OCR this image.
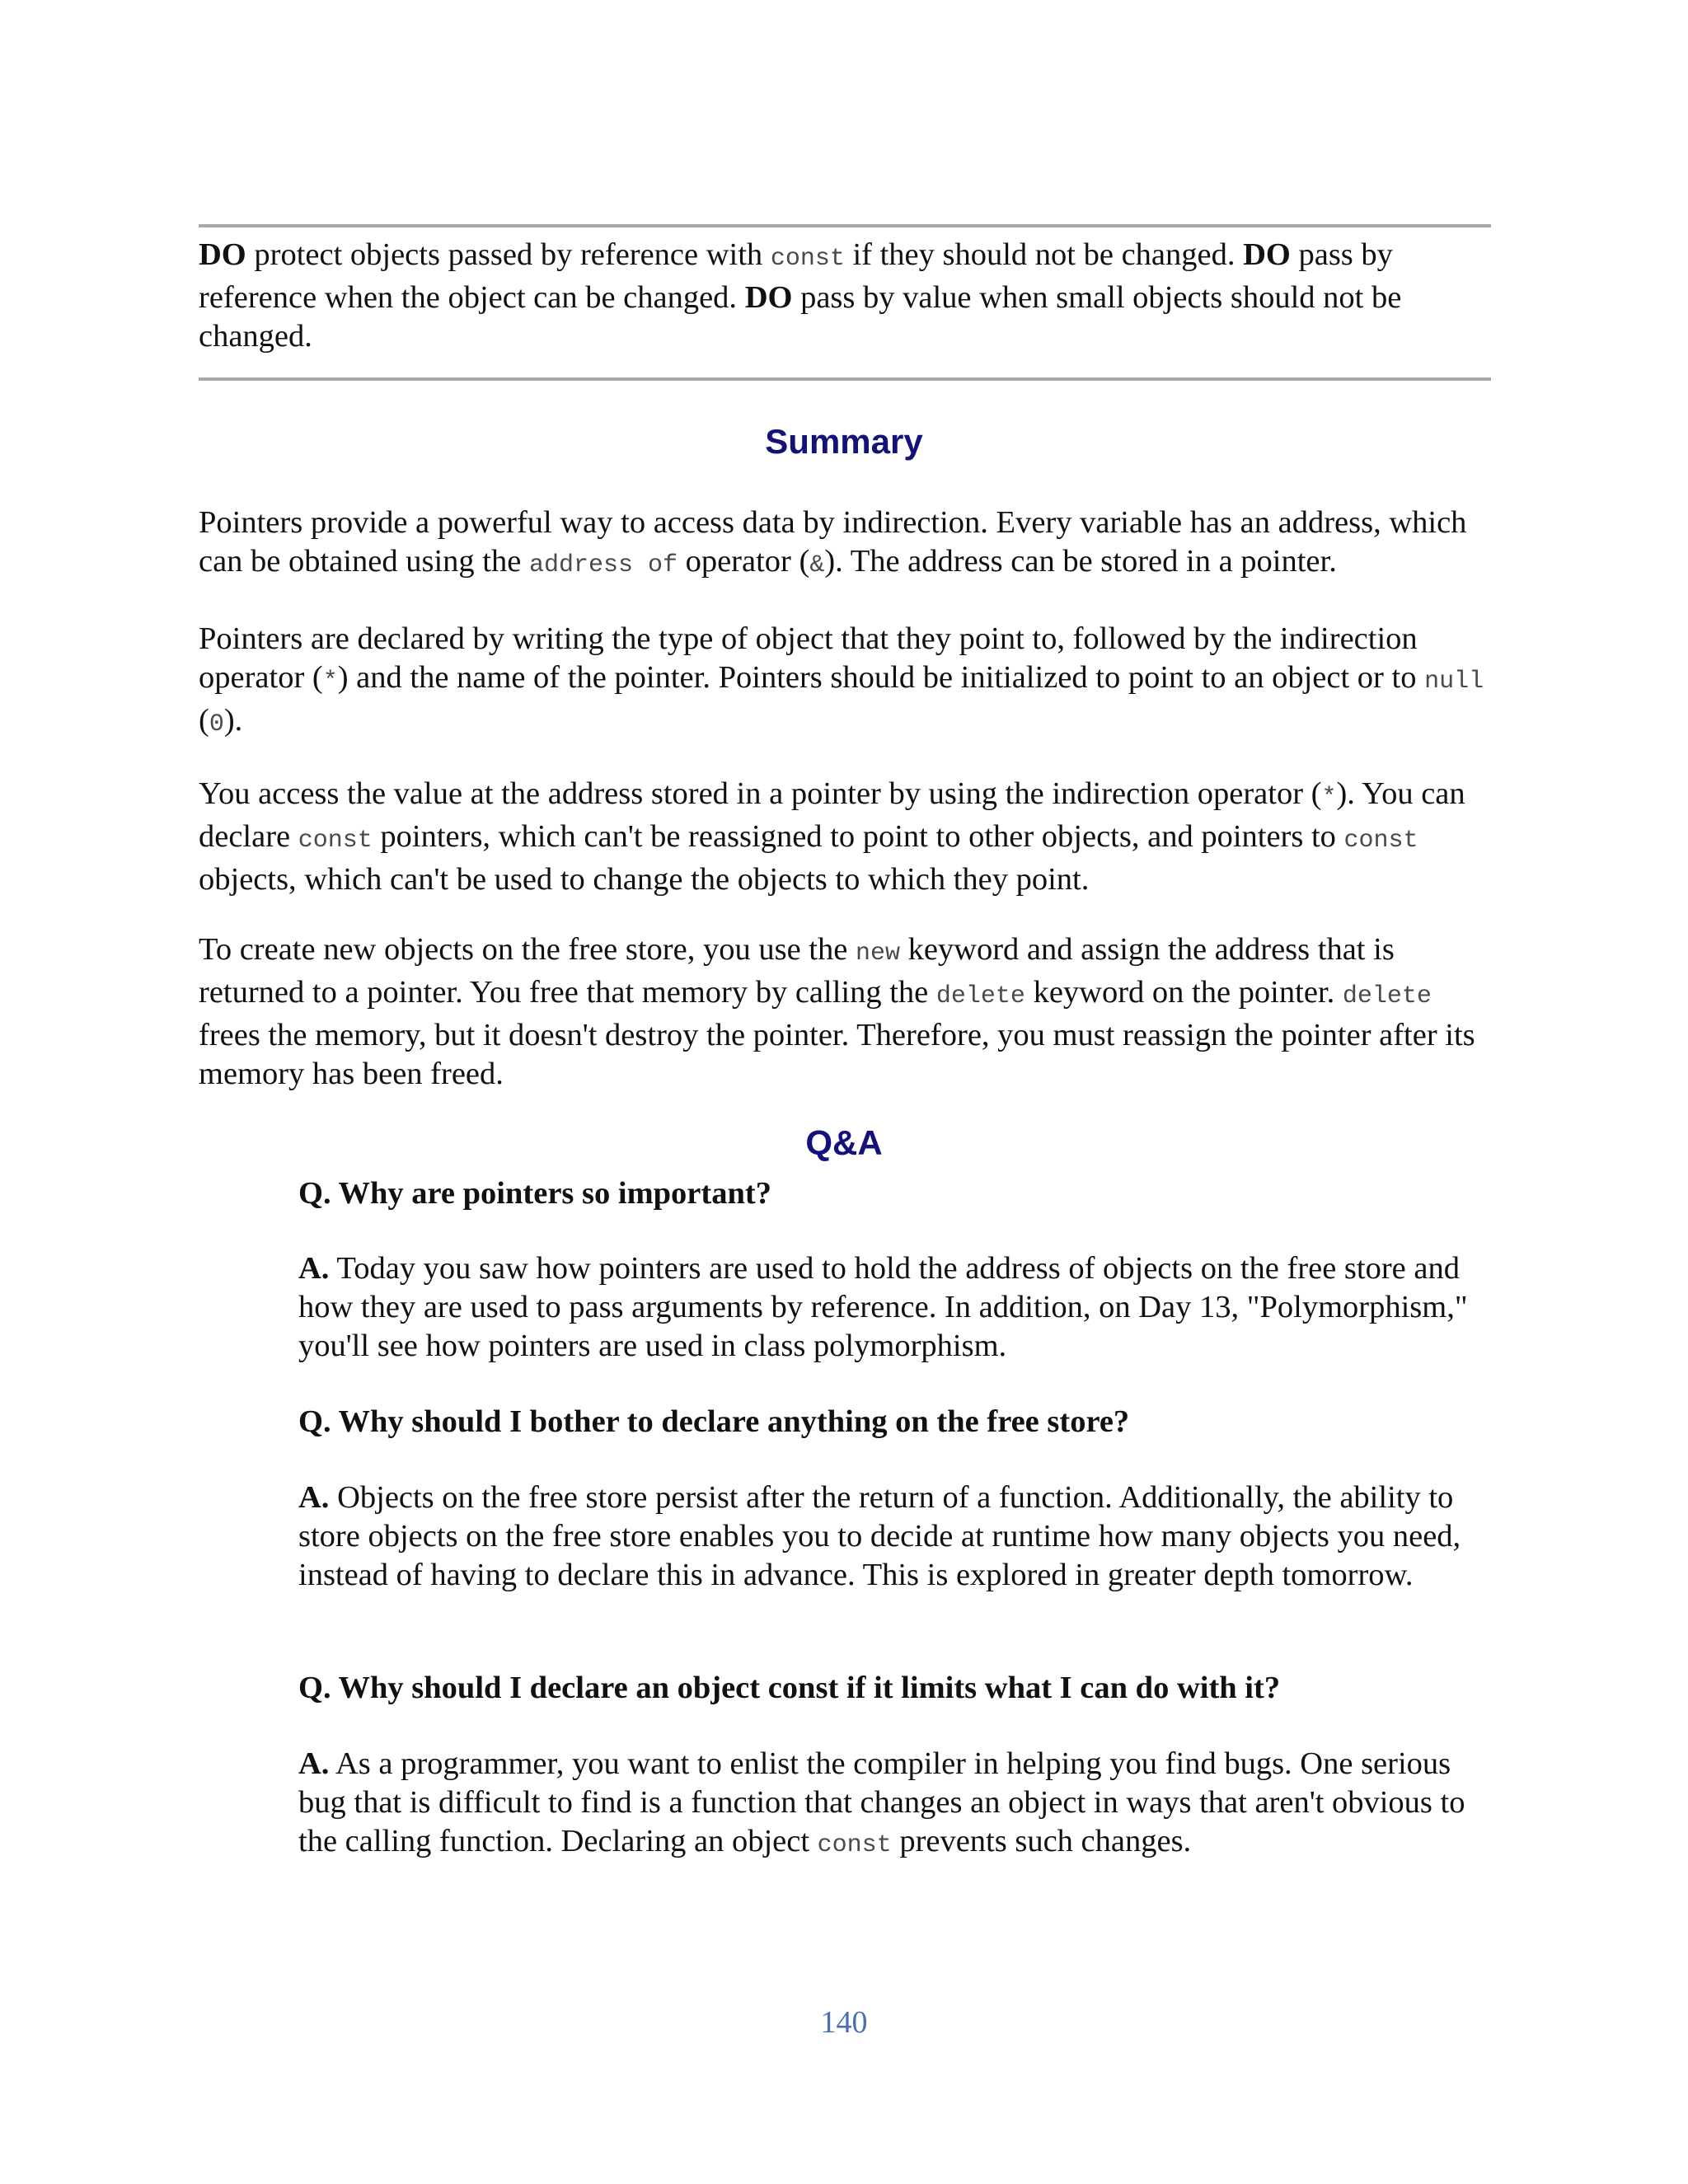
DO protect objects passed by reference with const if they should not be changed. DO pass by reference when the object can be changed. DO pass by value when small objects should not be changed.

Summary

Pointers provide a powerful way to access data by indirection. Every variable has an address, which can be obtained using the address of operator (&). The address can be stored in a pointer.

Pointers are declared by writing the type of object that they point to, followed by the indirection operator (*) and the name of the pointer. Pointers should be initialized to point to an object or to null (0).

You access the value at the address stored in a pointer by using the indirection operator (*). You can declare const pointers, which can't be reassigned to point to other objects, and pointers to const objects, which can't be used to change the objects to which they point.

To create new objects on the free store, you use the new keyword and assign the address that is returned to a pointer. You free that memory by calling the delete keyword on the pointer. delete frees the memory, but it doesn't destroy the pointer. Therefore, you must reassign the pointer after its memory has been freed.

Q&A

Q. Why are pointers so important?

A. Today you saw how pointers are used to hold the address of objects on the free store and how they are used to pass arguments by reference. In addition, on Day 13, "Polymorphism," you'll see how pointers are used in class polymorphism.

Q. Why should I bother to declare anything on the free store?

A. Objects on the free store persist after the return of a function. Additionally, the ability to store objects on the free store enables you to decide at runtime how many objects you need, instead of having to declare this in advance. This is explored in greater depth tomorrow.

Q. Why should I declare an object const if it limits what I can do with it?

A. As a programmer, you want to enlist the compiler in helping you find bugs. One serious bug that is difficult to find is a function that changes an object in ways that aren't obvious to the calling function. Declaring an object const prevents such changes.

140
